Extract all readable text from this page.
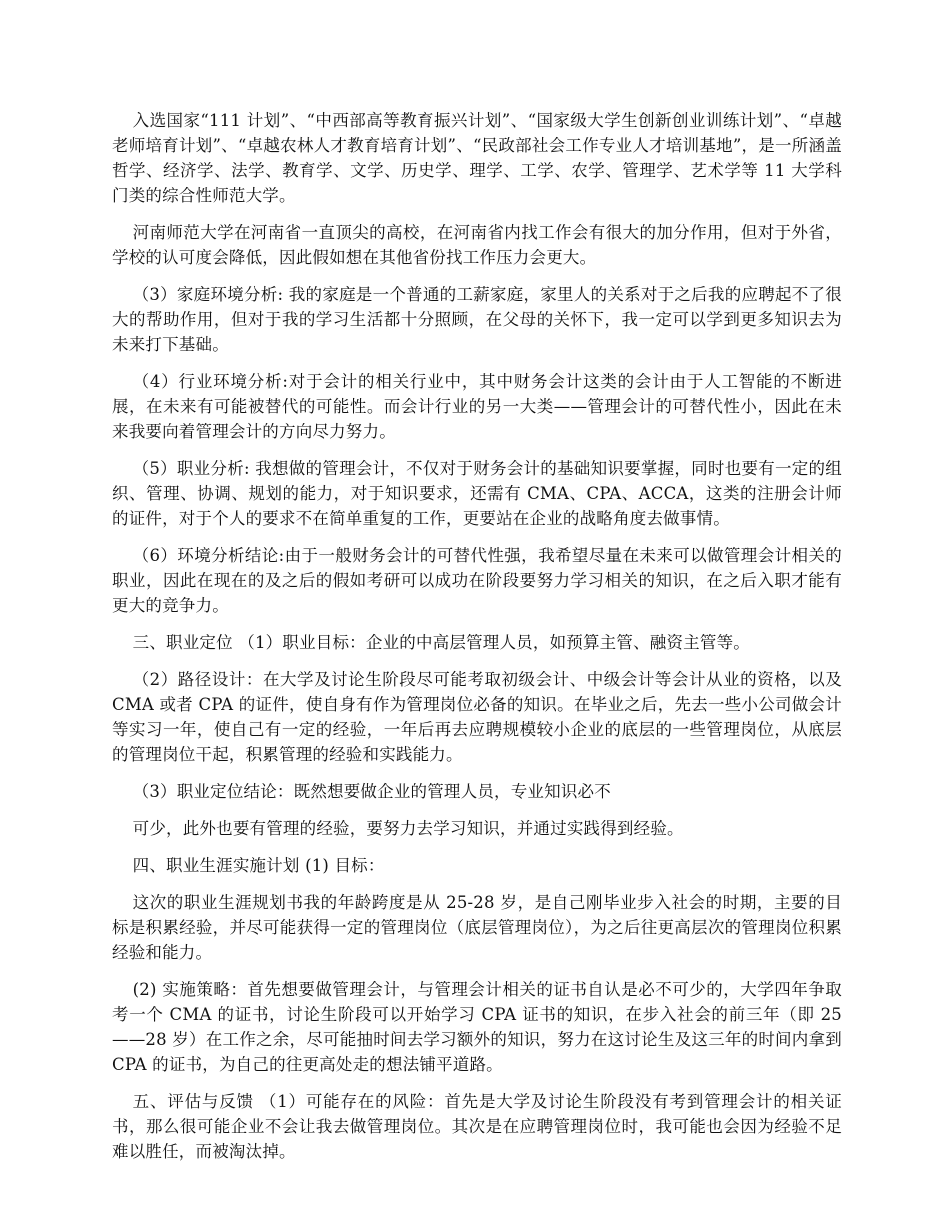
入选国家“111 计划”、“中西部高等教育振兴计划”、“国家级大学生创新创业训练计划”、“卓越老师培育计划”、“卓越农林人才教育培育计划”、“民政部社会工作专业人才培训基地”，是一所涵盖哲学、经济学、法学、教育学、文学、历史学、理学、工学、农学、管理学、艺术学等 11 大学科门类的综合性师范大学。

河南师范大学在河南省一直顶尖的高校，在河南省内找工作会有很大的加分作用，但对于外省，学校的认可度会降低，因此假如想在其他省份找工作压力会更大。

（3）家庭环境分析: 我的家庭是一个普通的工薪家庭，家里人的关系对于之后我的应聘起不了很大的帮助作用，但对于我的学习生活都十分照顾，在父母的关怀下，我一定可以学到更多知识去为未来打下基础。

（4）行业环境分析:对于会计的相关行业中，其中财务会计这类的会计由于人工智能的不断进展，在未来有可能被替代的可能性。而会计行业的另一大类——管理会计的可替代性小，因此在未来我要向着管理会计的方向尽力努力。

（5）职业分析: 我想做的管理会计，不仅对于财务会计的基础知识要掌握，同时也要有一定的组织、管理、协调、规划的能力，对于知识要求，还需有 CMA、CPA、ACCA，这类的注册会计师的证件，对于个人的要求不在简单重复的工作，更要站在企业的战略角度去做事情。

（6）环境分析结论:由于一般财务会计的可替代性强，我希望尽量在未来可以做管理会计相关的职业，因此在现在的及之后的假如考研可以成功在阶段要努力学习相关的知识，在之后入职才能有更大的竞争力。

三、职业定位 （1）职业目标：企业的中高层管理人员，如预算主管、融资主管等。

（2）路径设计：在大学及讨论生阶段尽可能考取初级会计、中级会计等会计从业的资格，以及 CMA 或者 CPA 的证件，使自身有作为管理岗位必备的知识。在毕业之后，先去一些小公司做会计等实习一年，使自己有一定的经验，一年后再去应聘规模较小企业的底层的一些管理岗位，从底层的管理岗位干起，积累管理的经验和实践能力。

（3）职业定位结论：既然想要做企业的管理人员，专业知识必不

可少，此外也要有管理的经验，要努力去学习知识，并通过实践得到经验。

四、职业生涯实施计划 (1) 目标：

这次的职业生涯规划书我的年龄跨度是从 25-28 岁，是自己刚毕业步入社会的时期，主要的目标是积累经验，并尽可能获得一定的管理岗位（底层管理岗位），为之后往更高层次的管理岗位积累经验和能力。

(2) 实施策略：首先想要做管理会计，与管理会计相关的证书自认是必不可少的，大学四年争取考一个 CMA 的证书，讨论生阶段可以开始学习 CPA 证书的知识，在步入社会的前三年（即 25——28 岁）在工作之余，尽可能抽时间去学习额外的知识，努力在这讨论生及这三年的时间内拿到 CPA 的证书，为自己的往更高处走的想法铺平道路。

五、评估与反馈 （1）可能存在的风险：首先是大学及讨论生阶段没有考到管理会计的相关证书，那么很可能企业不会让我去做管理岗位。其次是在应聘管理岗位时，我可能也会因为经验不足难以胜任，而被淘汰掉。
